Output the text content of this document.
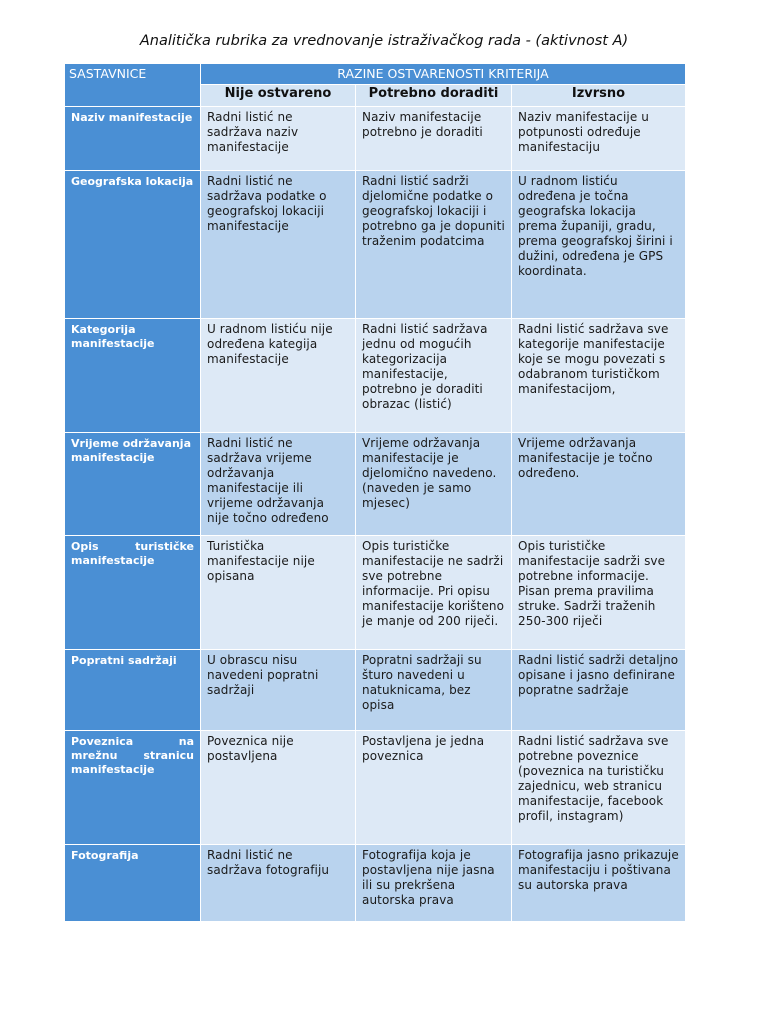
Analitička rubrika za vrednovanje istraživačkog rada - (aktivnost A)
SASTAVNICE	RAZINE OSTVARENOSTI KRITERIJA		

	Nije ostvareno	Potrebno doraditi	Izvrsno

Naziv manifestacije	Radni listić ne sadržava naziv manifestacije	Naziv manifestacije potrebno je doraditi	Naziv manifestacije u potpunosti određuje manifestaciju

Geografska lokacija	Radni listić ne sadržava podatke o geografskoj lokaciji manifestacije	Radni listić sadrži djelomične podatke o geografskoj lokaciji i potrebno ga je dopuniti traženim podatcima	U radnom listiću određena je točna geografska lokacija prema županiji, gradu, prema geografskoj širini i dužini, određena je GPS koordinata.

Kategorija manifestacije	U radnom listiću nije određena kategija manifestacije	Radni listić sadržava jednu od mogućih kategorizacija manifestacije, potrebno je doraditi obrazac (listić)	Radni listić sadržava sve kategorije manifestacije koje se mogu povezati s odabranom turističkom manifestacijom,

Vrijeme održavanja manifestacije	Radni listić ne sadržava vrijeme održavanja manifestacije ili vrijeme održavanja nije točno određeno	Vrijeme održavanja manifestacije je djelomično navedeno. (naveden je samo mjesec)	Vrijeme održavanja manifestacije je točno određeno.

Opis turističke manifestacije	Turistička manifestacije nije opisana	Opis turističke manifestacije ne sadrži sve potrebne informacije. Pri opisu manifestacije korišteno je manje od 200 riječi.	Opis turističke manifestacije sadrži sve potrebne informacije. Pisan prema pravilima struke. Sadrži traženih 250-300 riječi

Popratni sadržaji	U obrascu nisu navedeni popratni sadržaji	Popratni sadržaji su šturo navedeni u natuknicama, bez opisa	Radni listić sadrži detaljno opisane i jasno definirane popratne sadržaje

Poveznica na mrežnu stranicu manifestacije	Poveznica nije postavljena	Postavljena je jedna poveznica	Radni listić sadržava sve potrebne poveznice (poveznica na turističku zajednicu, web stranicu manifestacije, facebook profil, instagram)

Fotografija	Radni listić ne sadržava fotografiju	Fotografija koja je postavljena nije jasna ili su prekršena autorska prava	Fotografija jasno prikazuje manifestaciju i poštivana su autorska prava
